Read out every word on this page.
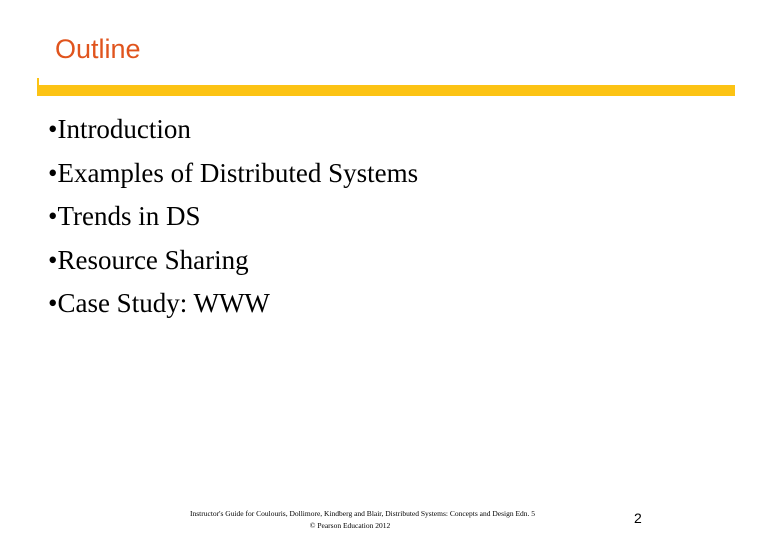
Outline
•Introduction
•Examples of Distributed Systems
•Trends in DS
•Resource Sharing
•Case Study: WWW
Instructor's Guide for Coulouris, Dollimore, Kindberg and Blair, Distributed Systems: Concepts and Design Edn. 5
© Pearson Education 2012	2
